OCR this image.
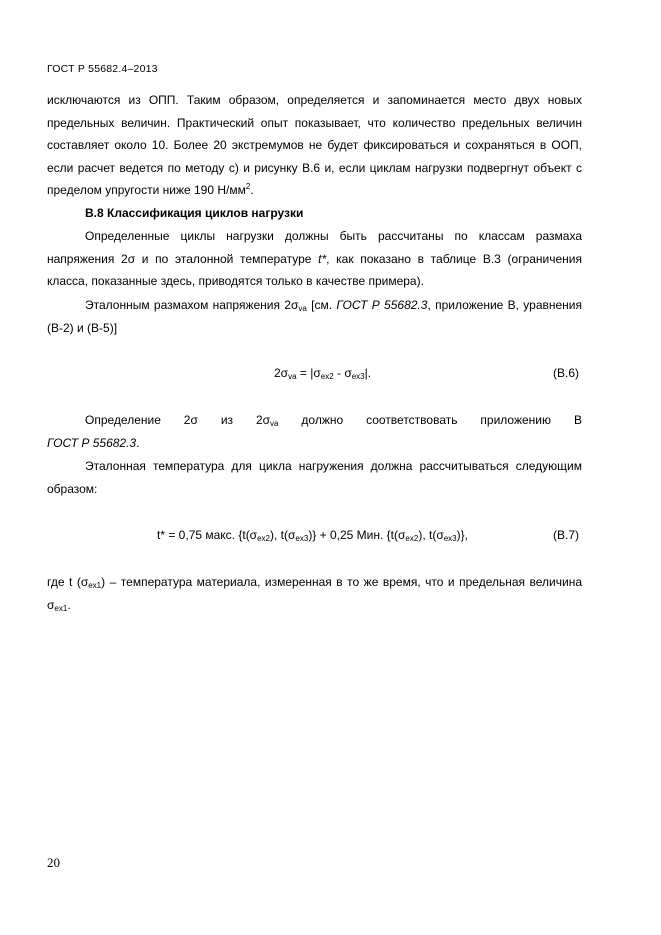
ГОСТ Р 55682.4–2013
исключаются из ОПП. Таким образом, определяется и запоминается место двух новых предельных величин. Практический опыт показывает, что количество предельных величин составляет около 10. Более 20 экстремумов не будет фиксироваться и сохраняться в ООП, если расчет ведется по методу с) и рисунку В.6 и, если циклам нагрузки подвергнут объект с пределом упругости ниже 190 $Н/мм^2$.
В.8 Классификация циклов нагрузки
Определенные циклы нагрузки должны быть рассчитаны по классам размаха напряжения 2σ и по эталонной температуре t*, как показано в таблице В.3 (ограничения класса, показанные здесь, приводятся только в качестве примера).
Эталонным размахом напряжения $2\sigma_{va}$ [см. ГОСТ Р 55682.3, приложение В, уравнения (В-2) и (В-5)]
$2\sigma_{va} = |\sigma_{ex2} - \sigma_{ex3}|$.	(В.6)
Определение 2σ из $2\sigma_{va}$ должно соответствовать приложению В
ГОСТ Р 55682.3.
Эталонная температура для цикла нагружения должна рассчитываться следующим образом:
t* = 0,75 макс. {$t(\sigma_{ex2})$, $t(\sigma_{ex3})\} + 0,25$ Мин. {$t(\sigma_{ex2})$, $t(\sigma_{ex3})$},	(В.7)
где t $(\sigma_{ex1})$ – температура материала, измеренная в то же время, что и предельная величина $\sigma_{ex1}$.
20
